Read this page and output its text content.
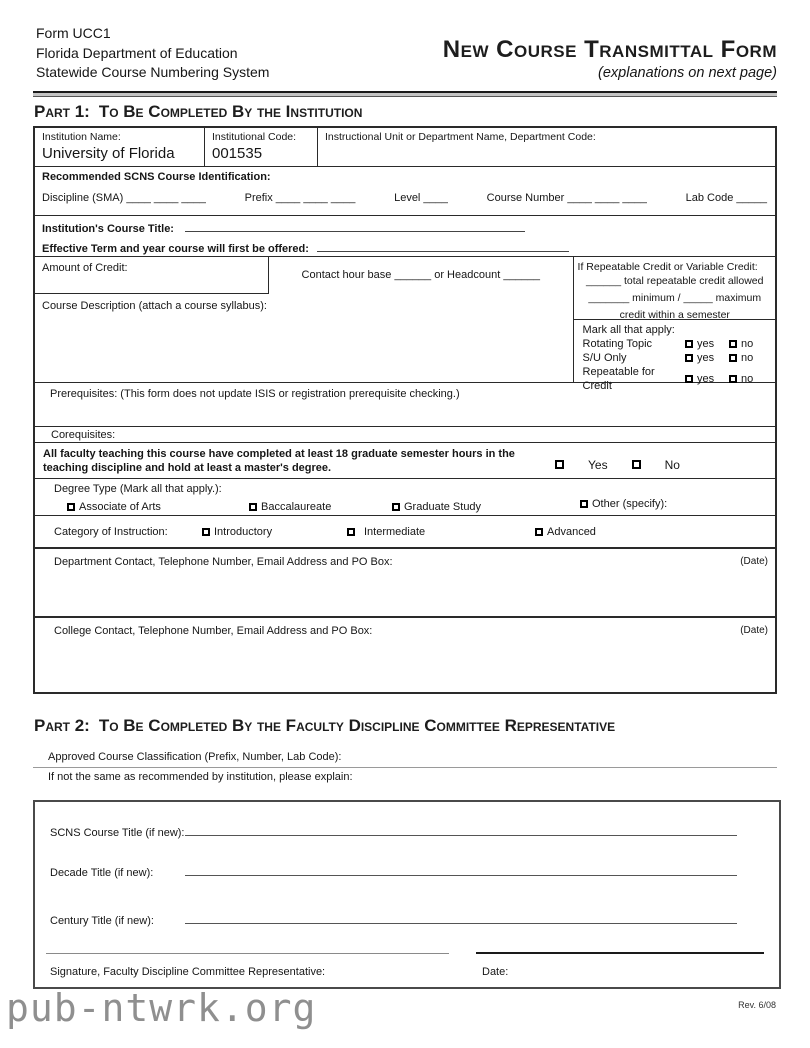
Form UCC1
Florida Department of Education
Statewide Course Numbering System
New Course Transmittal Form
(explanations on next page)
Part 1: To Be Completed By the Institution
Institution Name:
University of Florida
Institutional Code:
001535
Instructional Unit or Department Name, Department Code:
Recommended SCNS Course Identification:
Discipline (SMA) ____ ____ ____	Prefix ____ ____ ____	Level ____	Course Number ____ ____ ____	Lab Code _____
Institution's Course Title:
Effective Term and year course will first be offered:
Amount of Credit:
Contact hour base ______ or Headcount ______
Course Description (attach a course syllabus):
If Repeatable Credit or Variable Credit:
______ total repeatable credit allowed
_______ minimum / _____ maximum
credit within a semester
Mark all that apply:
Rotating Topic	yes no
S/U Only	yes no
Repeatable for Credit
yes no
Prerequisites: (This form does not update ISIS or registration prerequisite checking.)
Corequisites:
All faculty teaching this course have completed at least 18 graduate semester hours in the teaching discipline and hold at least a master's degree.	Yes	No
Degree Type (Mark all that apply.):
Associate of Arts	Baccalaureate	Graduate Study	Other (specify):
Category of Instruction:	Introductory	Intermediate	Advanced
Department Contact, Telephone Number, Email Address and PO Box:	(Date)
College Contact, Telephone Number, Email Address and PO Box:	(Date)
Part 2: To Be Completed By the Faculty Discipline Committee Representative
Approved Course Classification (Prefix, Number, Lab Code):
If not the same as recommended by institution, please explain:
SCNS Course Title (if new):
Decade Title (if new):
Century Title (if new):
Signature, Faculty Discipline Committee Representative:	Date:
pub-ntwrk.org	Rev. 6/08
